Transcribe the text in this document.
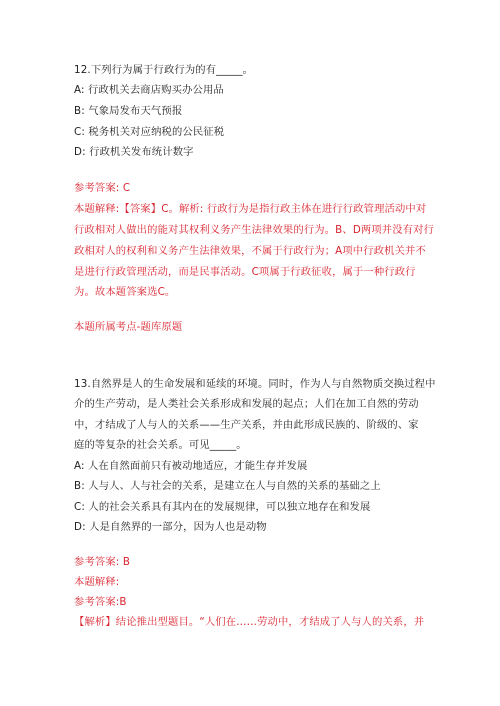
12.下列行为属于行政行为的有_____。
A: 行政机关去商店购买办公用品
B: 气象局发布天气预报
C: 税务机关对应纳税的公民征税
D: 行政机关发布统计数字
参考答案: C
本题解释:【答案】C。解析: 行政行为是指行政主体在进行行政管理活动中对
行政相对人做出的能对其权利义务产生法律效果的行为。B、D两项并没有对行
政相对人的权利和义务产生法律效果，不属于行政行为；A项中行政机关并不
是进行行政管理活动，而是民事活动。C项属于行政征收，属于一种行政行
为。故本题答案选C。
本题所属考点-题库原题
13.自然界是人的生命发展和延续的环境。同时，作为人与自然物质交换过程中
介的生产劳动，是人类社会关系形成和发展的起点；人们在加工自然的劳动
中，才结成了人与人的关系——生产关系，并由此形成民族的、阶级的、家
庭的等复杂的社会关系。可见_____。
A: 人在自然面前只有被动地适应，才能生存并发展
B: 人与人、人与社会的关系，是建立在人与自然的关系的基础之上
C: 人的社会关系具有其内在的发展规律，可以独立地存在和发展
D: 人是自然界的一部分，因为人也是动物
参考答案: B
本题解释:
参考答案:B
【解析】结论推出型题目。“人们在……劳动中，才结成了人与人的关系，并
